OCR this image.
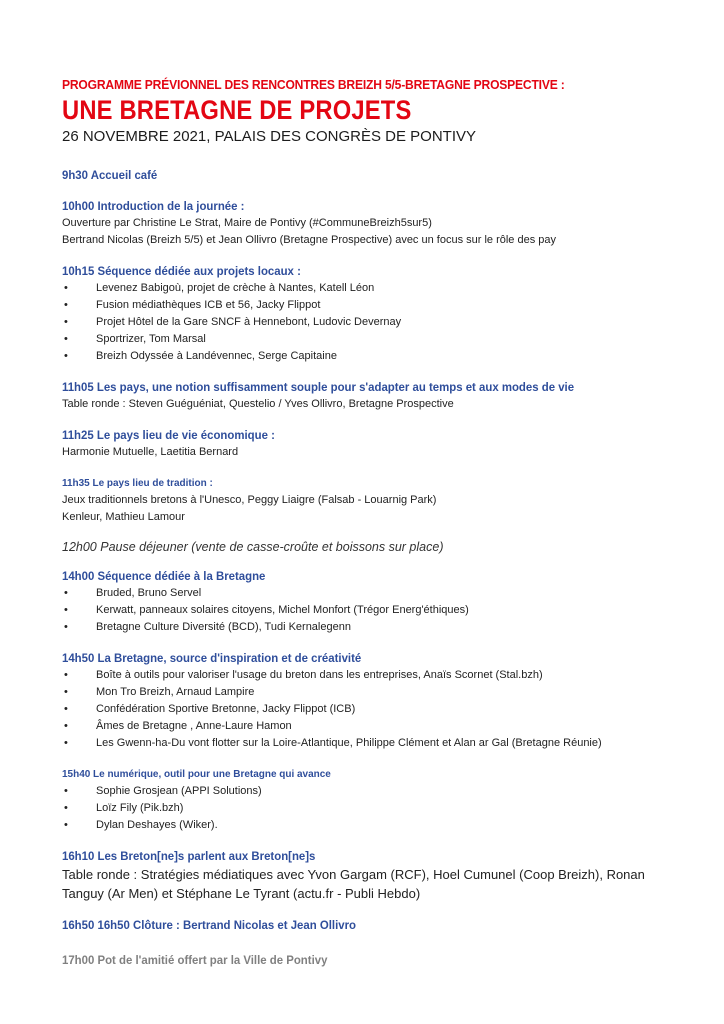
PROGRAMME PRÉVIONNEL DES RENCONTRES BREIZH 5/5-BRETAGNE PROSPECTIVE :

UNE BRETAGNE DE PROJETS

26 NOVEMBRE 2021, PALAIS DES CONGRÈS DE PONTIVY

9h30 Accueil café
10h00 Introduction de la journée :
Ouverture par Christine Le Strat, Maire de Pontivy (#CommuneBreizh5sur5)
Bertrand Nicolas (Breizh 5/5) et Jean Ollivro (Bretagne Prospective) avec un focus sur le rôle des pay
10h15 Séquence dédiée aux projets locaux :
•	Levenez Babigoù, projet de crèche à Nantes, Katell Léon
•	Fusion médiathèques ICB et 56, Jacky Flippot
•	Projet Hôtel de la Gare SNCF à Hennebont, Ludovic Devernay
•	Sportrizer, Tom Marsal
•	Breizh Odyssée à Landévennec, Serge Capitaine
11h05 Les pays, une notion suffisamment souple pour s'adapter au temps et aux modes de vie
Table ronde : Steven Guéguéniat, Questelio / Yves Ollivro, Bretagne Prospective
11h25 Le pays lieu de vie économique :
Harmonie Mutuelle, Laetitia Bernard
11h35 Le pays lieu de tradition :
Jeux traditionnels bretons à l'Unesco, Peggy Liaigre (Falsab - Louarnig Park)
Kenleur, Mathieu Lamour
12h00 Pause déjeuner (vente de casse-croûte et boissons sur place)
14h00 Séquence dédiée à la Bretagne
•	Bruded, Bruno Servel
•	Kerwatt, panneaux solaires citoyens, Michel Monfort (Trégor Energ'éthiques)
•	Bretagne Culture Diversité (BCD), Tudi Kernalegenn
14h50 La Bretagne, source d'inspiration et de créativité
•	Boîte à outils pour valoriser l'usage du breton dans les entreprises, Anaïs Scornet (Stal.bzh)
•	Mon Tro Breizh, Arnaud Lampire
•	Confédération Sportive Bretonne, Jacky Flippot (ICB)
•	Âmes de Bretagne , Anne-Laure Hamon
•	Les Gwenn-ha-Du vont flotter sur la Loire-Atlantique, Philippe Clément et Alan ar Gal (Bretagne Réunie)
15h40 Le numérique, outil pour une Bretagne qui avance
•	Sophie Grosjean (APPI Solutions)
•	Loïz Fily (Pik.bzh)
•	Dylan Deshayes (Wiker).
16h10 Les Breton[ne]s parlent aux Breton[ne]s
Table ronde : Stratégies médiatiques avec Yvon Gargam (RCF), Hoel Cumunel (Coop Breizh), Ronan
Tanguy (Ar Men) et Stéphane Le Tyrant (actu.fr - Publi Hebdo)
16h50 16h50 Clôture : Bertrand Nicolas et Jean Ollivro
17h00 Pot de l'amitié offert par la Ville de Pontivy
